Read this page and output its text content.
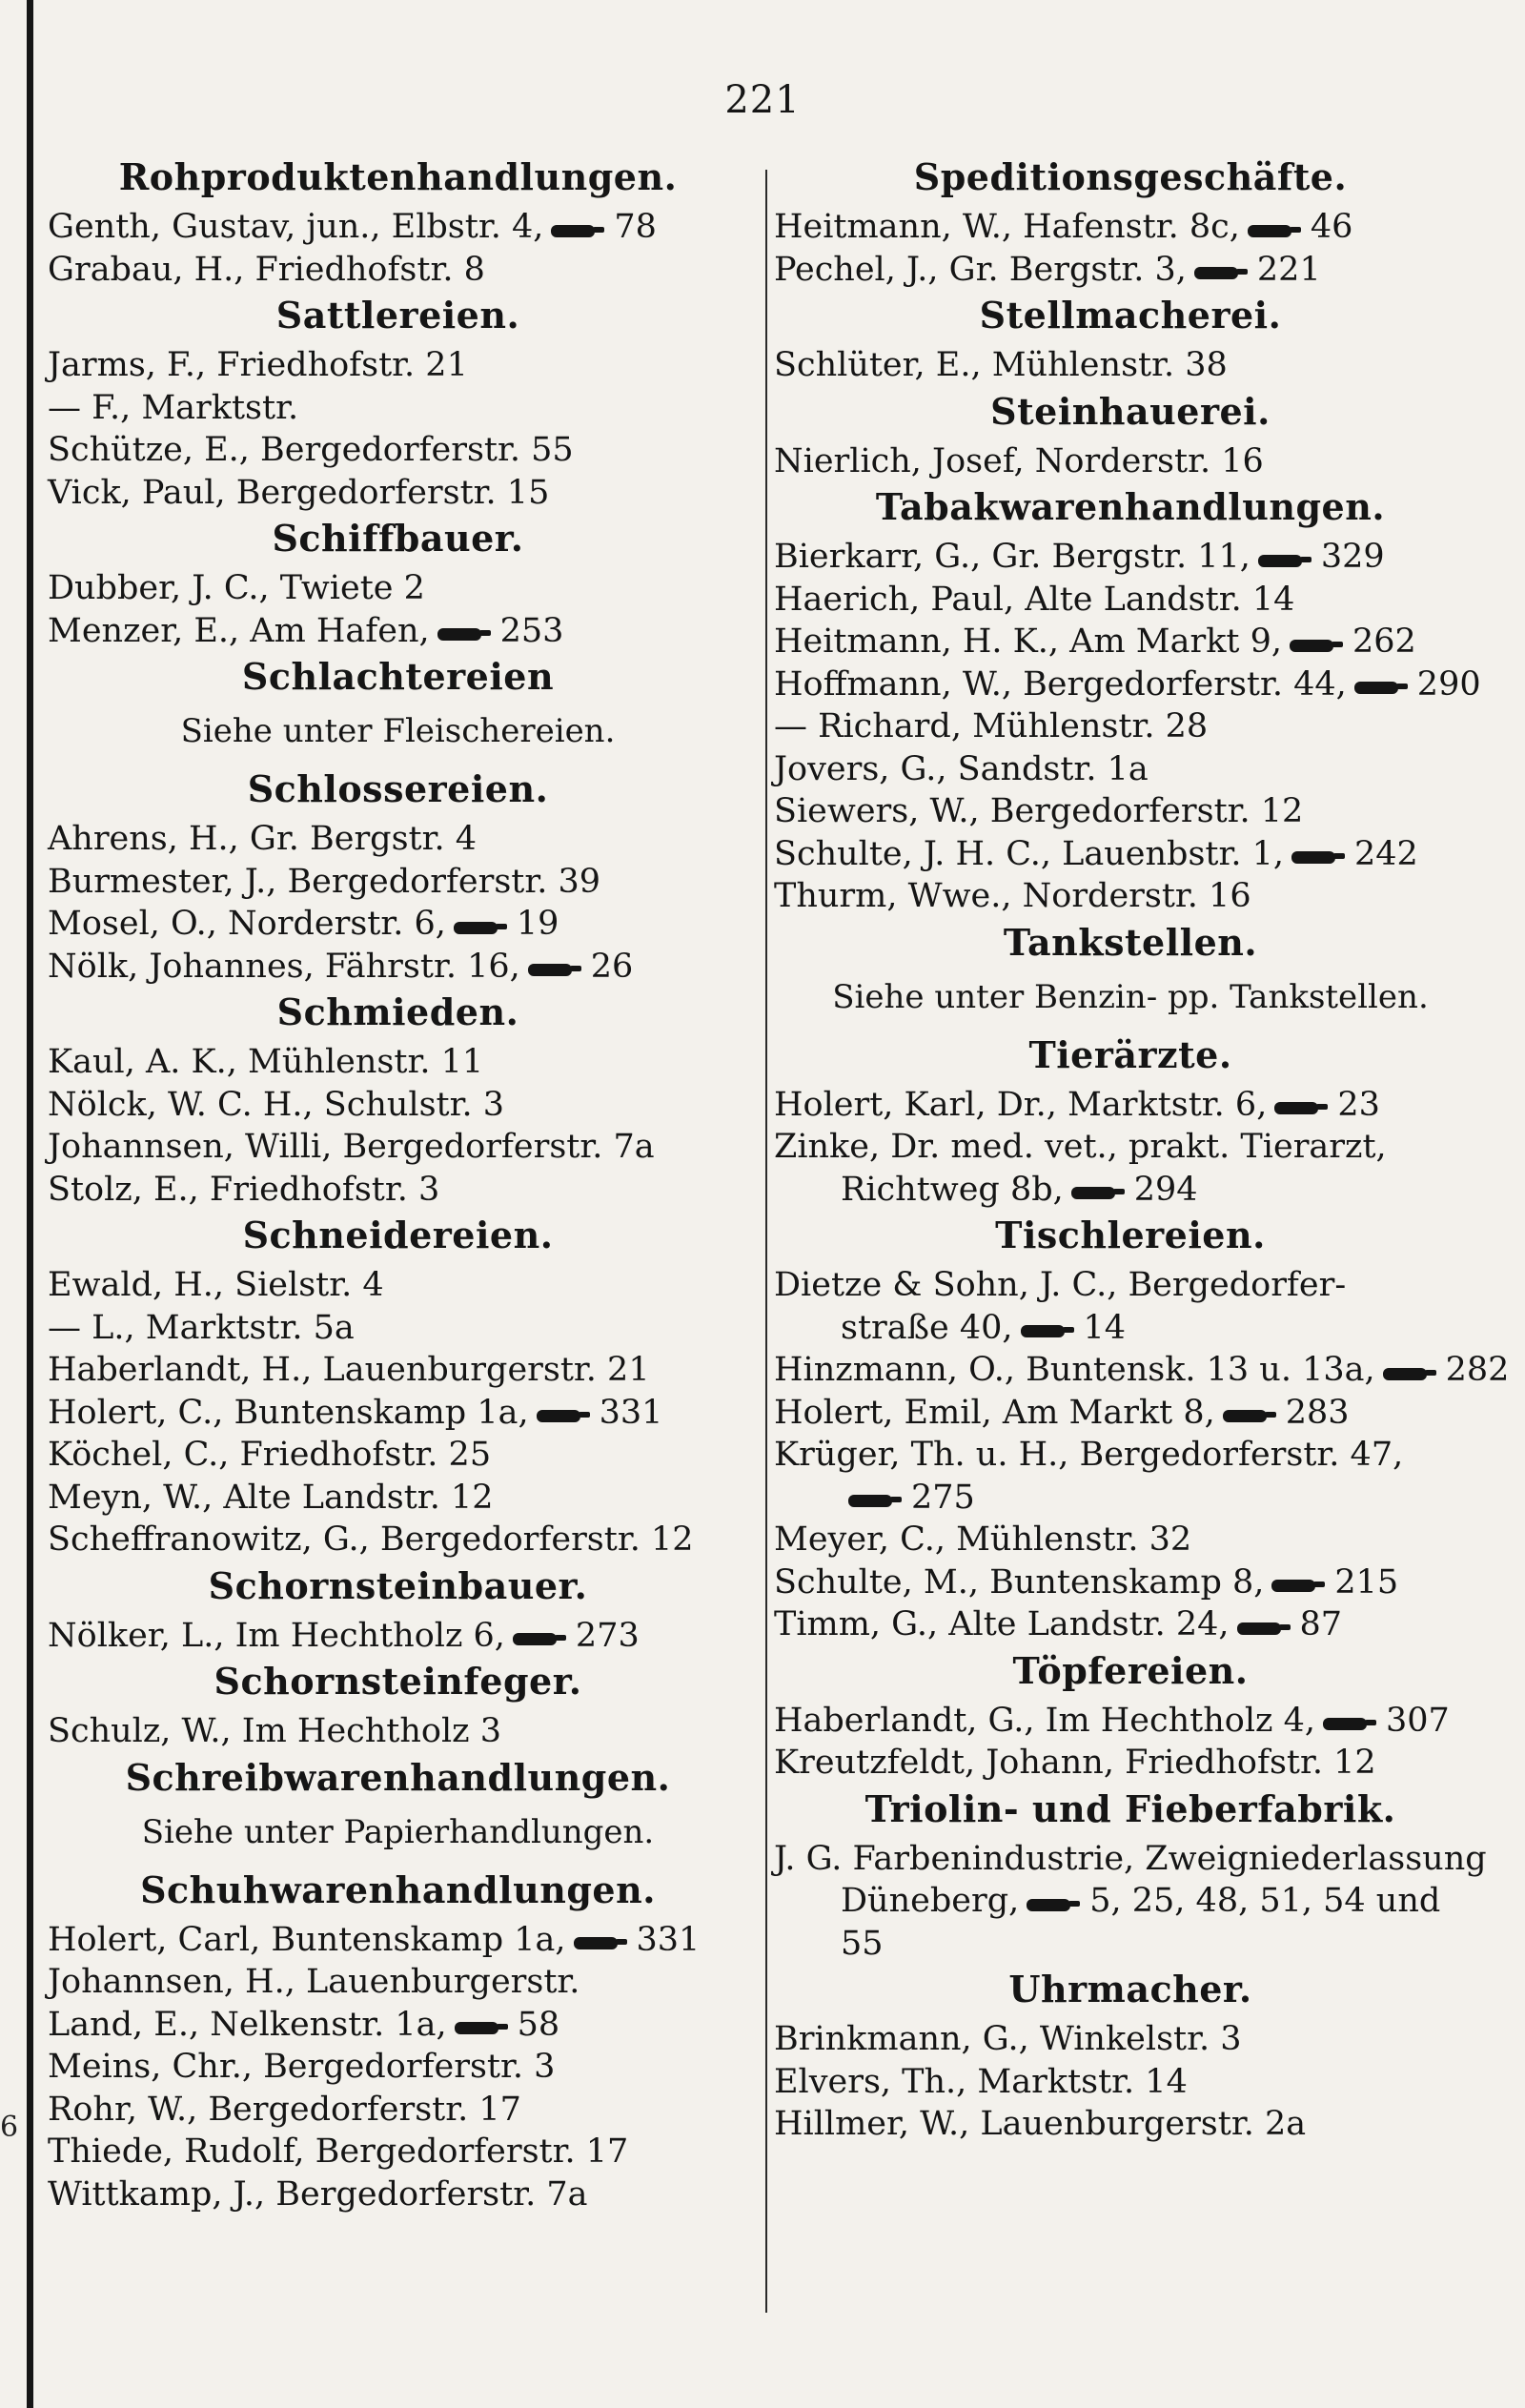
6
221
Rohproduktenhandlungen.
Genth, Gustav, jun., Elbstr. 4, 78
Grabau, H., Friedhofstr. 8
Sattlereien.
Jarms, F., Friedhofstr. 21
— F., Marktstr.
Schütze, E., Bergedorferstr. 55
Vick, Paul, Bergedorferstr. 15
Schiffbauer.
Dubber, J. C., Twiete 2
Menzer, E., Am Hafen, 253
Schlachtereien
Siehe unter Fleischereien.
Schlossereien.
Ahrens, H., Gr. Bergstr. 4
Burmester, J., Bergedorferstr. 39
Mosel, O., Norderstr. 6, 19
Nölk, Johannes, Fährstr. 16, 26
Schmieden.
Kaul, A. K., Mühlenstr. 11
Nölck, W. C. H., Schulstr. 3
Johannsen, Willi, Bergedorferstr. 7a
Stolz, E., Friedhofstr. 3
Schneidereien.
Ewald, H., Sielstr. 4
— L., Marktstr. 5a
Haberlandt, H., Lauenburgerstr. 21
Holert, C., Buntenskamp 1a, 331
Köchel, C., Friedhofstr. 25
Meyn, W., Alte Landstr. 12
Scheffranowitz, G., Bergedorferstr. 12
Schornsteinbauer.
Nölker, L., Im Hechtholz 6, 273
Schornsteinfeger.
Schulz, W., Im Hechtholz 3
Schreibwarenhandlungen.
Siehe unter Papierhandlungen.
Schuhwarenhandlungen.
Holert, Carl, Buntenskamp 1a, 331
Johannsen, H., Lauenburgerstr.
Land, E., Nelkenstr. 1a, 58
Meins, Chr., Bergedorferstr. 3
Rohr, W., Bergedorferstr. 17
Thiede, Rudolf, Bergedorferstr. 17
Wittkamp, J., Bergedorferstr. 7a
Speditionsgeschäfte.
Heitmann, W., Hafenstr. 8c, 46
Pechel, J., Gr. Bergstr. 3, 221
Stellmacherei.
Schlüter, E., Mühlenstr. 38
Steinhauerei.
Nierlich, Josef, Norderstr. 16
Tabakwarenhandlungen.
Bierkarr, G., Gr. Bergstr. 11, 329
Haerich, Paul, Alte Landstr. 14
Heitmann, H. K., Am Markt 9, 262
Hoffmann, W., Bergedorferstr. 44, 290
— Richard, Mühlenstr. 28
Jovers, G., Sandstr. 1a
Siewers, W., Bergedorferstr. 12
Schulte, J. H. C., Lauenbstr. 1, 242
Thurm, Wwe., Norderstr. 16
Tankstellen.
Siehe unter Benzin- pp. Tankstellen.
Tierärzte.
Holert, Karl, Dr., Marktstr. 6, 23
Zinke, Dr. med. vet., prakt. Tierarzt,
Richtweg 8b, 294
Tischlereien.
Dietze & Sohn, J. C., Bergedorfer-
straße 40, 14
Hinzmann, O., Buntensk. 13 u. 13a, 282
Holert, Emil, Am Markt 8, 283
Krüger, Th. u. H., Bergedorferstr. 47,
275
Meyer, C., Mühlenstr. 32
Schulte, M., Buntenskamp 8, 215
Timm, G., Alte Landstr. 24, 87
Töpfereien.
Haberlandt, G., Im Hechtholz 4, 307
Kreutzfeldt, Johann, Friedhofstr. 12
Triolin- und Fieberfabrik.
J. G. Farbenindustrie, Zweigniederlassung
Düneberg, 5, 25, 48, 51, 54 und
55
Uhrmacher.
Brinkmann, G., Winkelstr. 3
Elvers, Th., Marktstr. 14
Hillmer, W., Lauenburgerstr. 2a
